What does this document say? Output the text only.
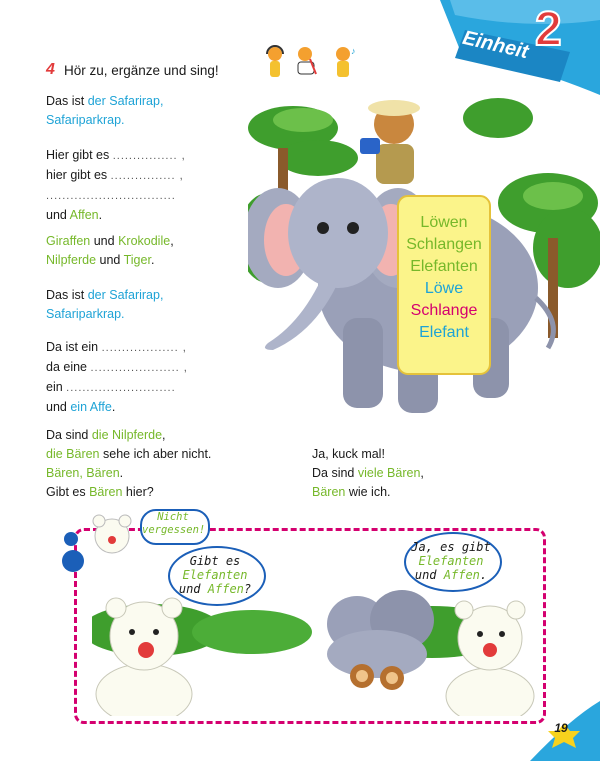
Einheit 2
4 Hör zu, ergänze und sing!
♪
Das ist der Safarirap,
Safariparkrap.
Hier gibt es ................ ,
hier gibt es ................ ,
................................
und Affen.
Giraffen und Krokodile,
Nilpferde und Tiger.
Das ist der Safarirap,
Safariparkrap.
Da ist ein ................... ,
da eine ...................... ,
ein ...........................
und ein Affe.
Da sind die Nilpferde,
die Bären sehe ich aber nicht.
Bären, Bären.
Gibt es Bären hier?
Ja, kuck mal!
Da sind viele Bären,
Bären wie ich.
Löwen
Schlangen
Elefanten
Löwe
Schlange
Elefant
Nicht
vergessen!
Gibt es
Elefanten
und Affen?
Ja, es gibt
Elefanten
und Affen.
19
